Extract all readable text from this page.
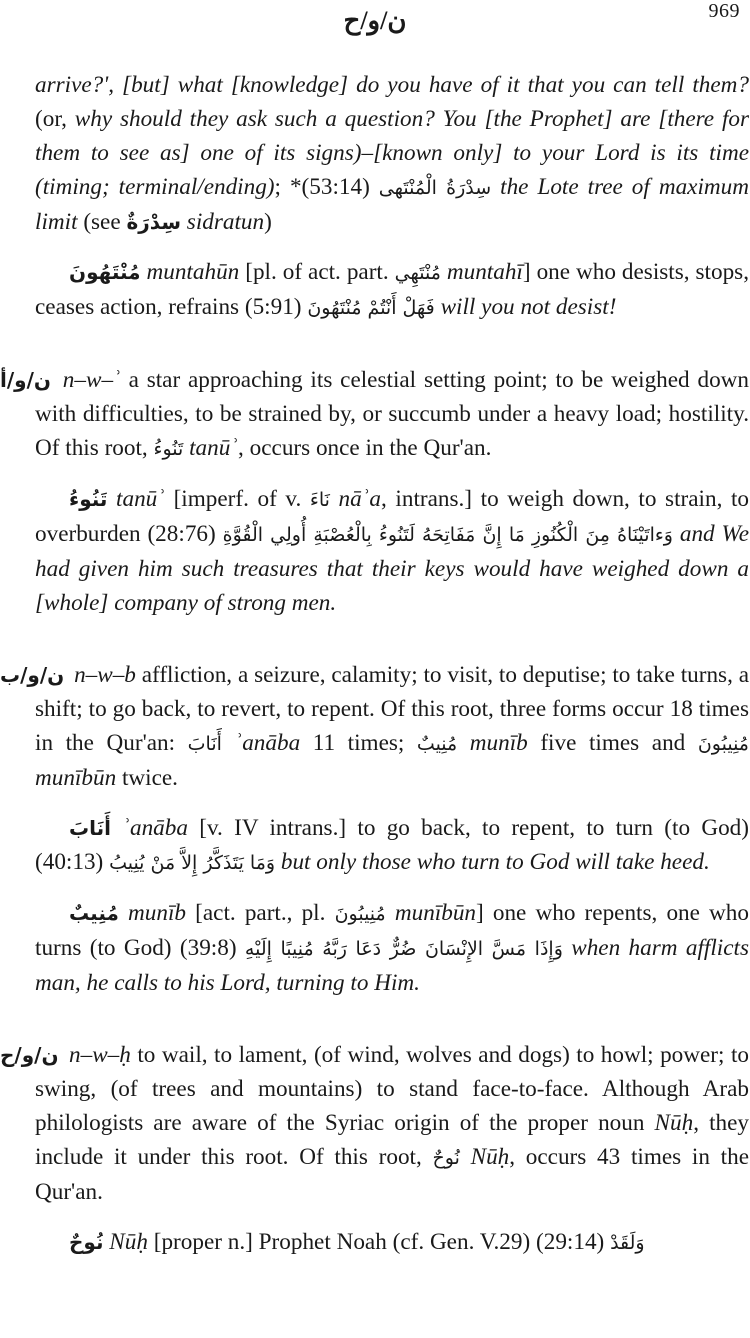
969
ن/و/ح

arrive?', [but] what [knowledge] do you have of it that you can tell them? (or, why should they ask such a question? You [the Prophet] are [there for them to see as] one of its signs)–[known only] to your Lord is its time (timing; terminal/ending); *(53:14) سِدْرَةُ الْمُنْتَهى the Lote tree of maximum limit (see سِدْرَةٌ sidratun)

مُنْتَهُونَ muntahūn [pl. of act. part. مُنْتَهِي muntahī] one who desists, stops, ceases action, refrains (5:91) فَهَلْ أَنْتُمْ مُنْتَهُونَ will you not desist!

ن/و/أ n–w–ʾ a star approaching its celestial setting point; to be weighed down with difficulties, to be strained by, or succumb under a heavy load; hostility. Of this root, تَنُوءُ tanūʾ, occurs once in the Qur'an.

تَنُوءُ tanūʾ [imperf. of v. نَاءَ nāʾa, intrans.] to weigh down, to strain, to overburden (28:76) وَءاتَيْنَاهُ مِنَ الْكُنُوزِ مَا إِنَّ مَفَاتِحَهُ لَتَنُوءُ بِالْعُصْبَةِ أُولِي الْقُوَّةِ and We had given him such treasures that their keys would have weighed down a [whole] company of strong men.

ن/و/ب n–w–b affliction, a seizure, calamity; to visit, to deputise; to take turns, a shift; to go back, to revert, to repent. Of this root, three forms occur 18 times in the Qur'an: أَنَابَ ʾanāba 11 times; مُنِيبٌ munīb five times and مُنِيبُونَ munībūn twice.

أَنَابَ ʾanāba [v. IV intrans.] to go back, to repent, to turn (to God) (40:13) وَمَا يَتَذَكَّرُ إِلاَّ مَنْ يُنِيبُ but only those who turn to God will take heed.

مُنِيبٌ munīb [act. part., pl. مُنِيبُونَ munībūn] one who repents, one who turns (to God) (39:8) وَإِذَا مَسَّ الإِنْسَانَ ضُرٌّ دَعَا رَبَّهُ مُنِيبًا إِلَيْهِ when harm afflicts man, he calls to his Lord, turning to Him.

ن/و/ح n–w–ḥ to wail, to lament, (of wind, wolves and dogs) to howl; power; to swing, (of trees and mountains) to stand face-to-face. Although Arab philologists are aware of the Syriac origin of the proper noun Nūḥ, they include it under this root. Of this root, نُوحٌ Nūḥ, occurs 43 times in the Qur'an.

نُوحٌ Nūḥ [proper n.] Prophet Noah (cf. Gen. V.29) (29:14) وَلَقَدْ
